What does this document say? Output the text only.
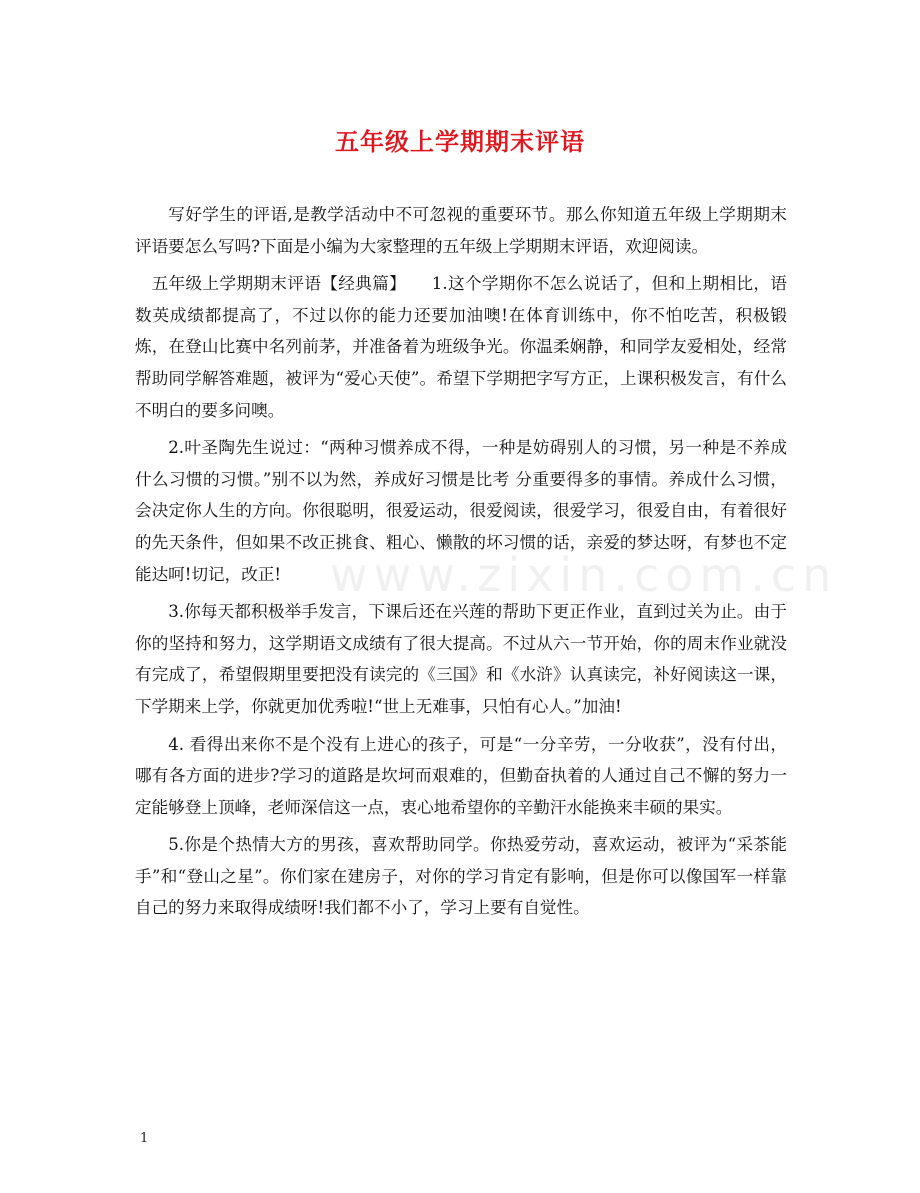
www.zixin.com.cn
五年级上学期期末评语

写好学生的评语,是教学活动中不可忽视的重要环节。那么你知道五年级上学期期末评语要怎么写吗?下面是小编为大家整理的五年级上学期期末评语，欢迎阅读。

五年级上学期期末评语【经典篇】　　1.这个学期你不怎么说话了，但和上期相比，语数英成绩都提高了，不过以你的能力还要加油噢!在体育训练中，你不怕吃苦，积极锻炼，在登山比赛中名列前茅，并准备着为班级争光。你温柔娴静，和同学友爱相处，经常帮助同学解答难题，被评为“爱心天使”。希望下学期把字写方正，上课积极发言，有什么不明白的要多问噢。

2.叶圣陶先生说过：“两种习惯养成不得，一种是妨碍别人的习惯，另一种是不养成什么习惯的习惯。”别不以为然，养成好习惯是比考 分重要得多的事情。养成什么习惯，会决定你人生的方向。你很聪明，很爱运动，很爱阅读，很爱学习，很爱自由，有着很好的先天条件，但如果不改正挑食、粗心、懒散的坏习惯的话，亲爱的梦达呀，有梦也不定能达呵!切记，改正!

3.你每天都积极举手发言，下课后还在兴莲的帮助下更正作业，直到过关为止。由于你的坚持和努力，这学期语文成绩有了很大提高。不过从六一节开始，你的周末作业就没有完成了，希望假期里要把没有读完的《三国》和《水浒》认真读完，补好阅读这一课，下学期来上学，你就更加优秀啦!“世上无难事，只怕有心人。”加油!

4. 看得出来你不是个没有上进心的孩子，可是“一分辛劳，一分收获”，没有付出，哪有各方面的进步?学习的道路是坎坷而艰难的，但勤奋执着的人通过自己不懈的努力一定能够登上顶峰，老师深信这一点，衷心地希望你的辛勤汗水能换来丰硕的果实。

5.你是个热情大方的男孩，喜欢帮助同学。你热爱劳动，喜欢运动，被评为“采茶能手”和“登山之星”。你们家在建房子，对你的学习肯定有影响，但是你可以像国军一样靠自己的努力来取得成绩呀!我们都不小了，学习上要有自觉性。

1
